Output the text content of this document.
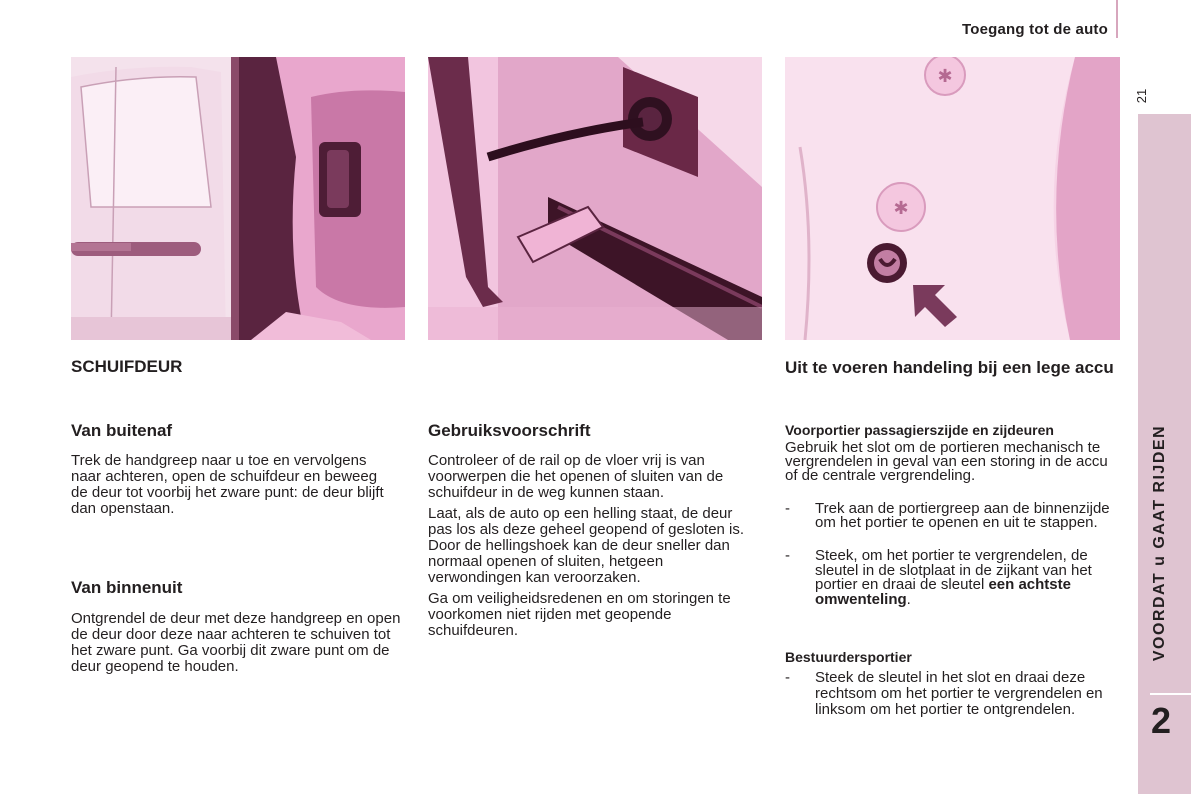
Toegang tot de auto
21
VOORDAT u GAAT RIJDEN
2
✱
✱
SCHUIFDEUR
Van buitenaf
Trek de handgreep naar u toe en vervolgens naar achteren, open de schuifdeur en beweeg de deur tot voorbij het zware punt: de deur blijft dan openstaan.
Van binnenuit
Ontgrendel de deur met deze handgreep en open de deur door deze naar achteren te schuiven tot het zware punt. Ga voorbij dit zware punt om de deur geopend te houden.
Gebruiksvoorschrift

Controleer of de rail op de vloer vrij is van voorwerpen die het openen of sluiten van de schuifdeur in de weg kunnen staan.

Laat, als de auto op een helling staat, de deur pas los als deze geheel geopend of gesloten is. Door de hellingshoek kan de deur sneller dan normaal openen of sluiten, hetgeen verwondingen kan veroorzaken.

Ga om veiligheidsredenen en om storingen te voorkomen niet rijden met geopende schuifdeuren.

Uit te voeren handeling bij een lege accu
Voorportier passagierszijde en zijdeuren
Gebruik het slot om de portieren mechanisch te vergrendelen in geval van een storing in de accu of de centrale vergrendeling.
-	Trek aan de portiergreep aan de binnenzijde om het portier te openen en uit te stappen.
-	Steek, om het portier te vergrendelen, de sleutel in de slotplaat in de zijkant van het portier en draai de sleutel een achtste omwenteling.
Bestuurdersportier
-	Steek de sleutel in het slot en draai deze rechtsom om het portier te vergrendelen en linksom om het portier te ontgrendelen.
